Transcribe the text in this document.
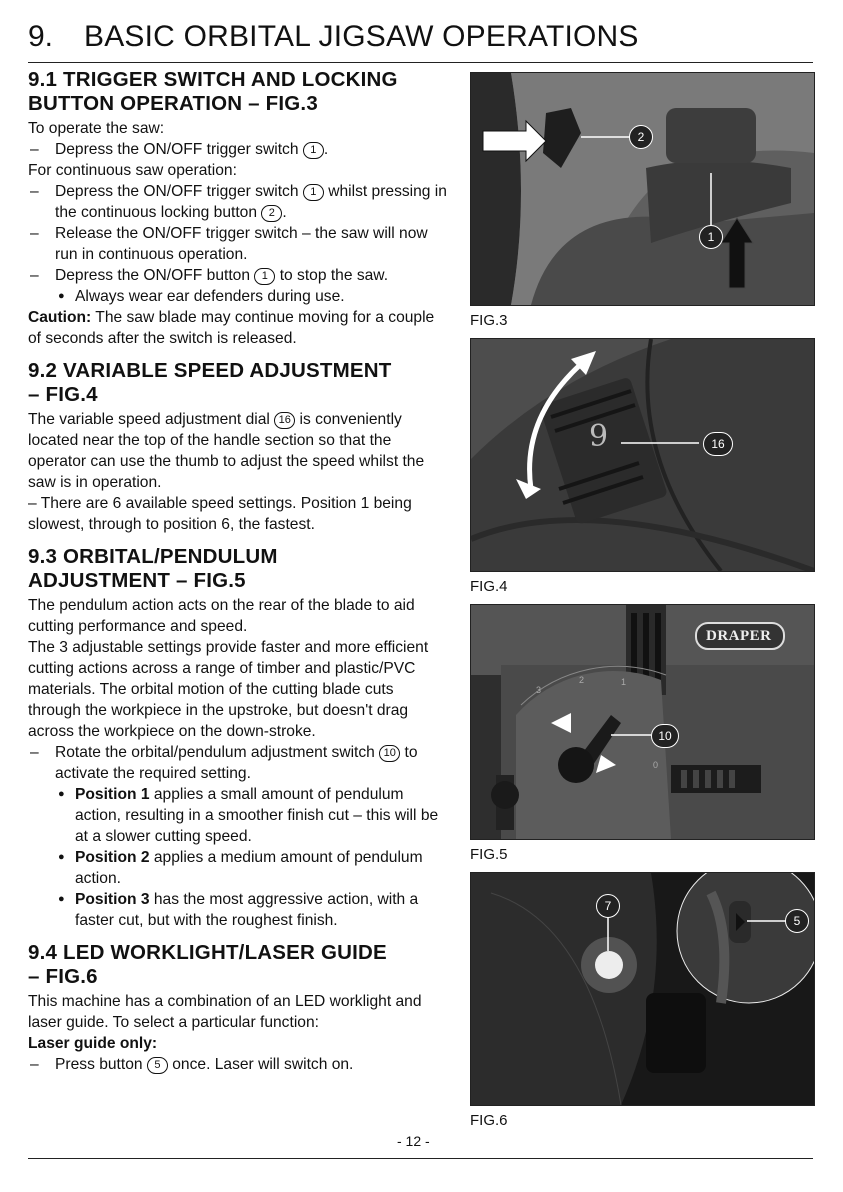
9. BASIC ORBITAL JIGSAW OPERATIONS

9.1 TRIGGER SWITCH AND LOCKING
BUTTON OPERATION – FIG.3

To operate the saw:

– Depress the ON/OFF trigger switch 1 .

For continuous saw operation:

– Depress the ON/OFF trigger switch 1 whilst pressing in the continuous locking button 2 .

– Release the ON/OFF trigger switch – the saw will now run in continuous operation.

– Depress the ON/OFF button 1 to stop the saw.

● Always wear ear defenders during use.

Caution: The saw blade may continue moving for a couple of seconds after the switch is released.

9.2 VARIABLE SPEED ADJUSTMENT
– FIG.4

The variable speed adjustment dial 16 is conveniently located near the top of the handle section so that the operator can use the thumb to adjust the speed whilst the saw is in operation.

– There are 6 available speed settings. Position 1 being slowest, through to position 6, the fastest.

9.3 ORBITAL/PENDULUM
ADJUSTMENT – FIG.5

The pendulum action acts on the rear of the blade to aid cutting performance and speed.

The 3 adjustable settings provide faster and more efficient cutting actions across a range of timber and plastic/PVC materials. The orbital motion of the cutting blade cuts through the workpiece in the upstroke, but doesn't drag across the workpiece on the down-stroke.

– Rotate the orbital/pendulum adjustment switch 10 to activate the required setting.

● Position 1 applies a small amount of pendulum action, resulting in a smoother finish cut – this will be at a slower cutting speed.

● Position 2 applies a medium amount of pendulum action.

● Position 3 has the most aggressive action, with a faster cut, but with the roughest finish.

9.4 LED WORKLIGHT/LASER GUIDE
– FIG.6

This machine has a combination of an LED worklight and laser guide. To select a particular function:

Laser guide only:

– Press button 5 once. Laser will switch on.

2
1
FIG.3
9	16
FIG.4
DRAPER
3
2	1
0
10
FIG.5
7
5
FIG.6
- 12 -
